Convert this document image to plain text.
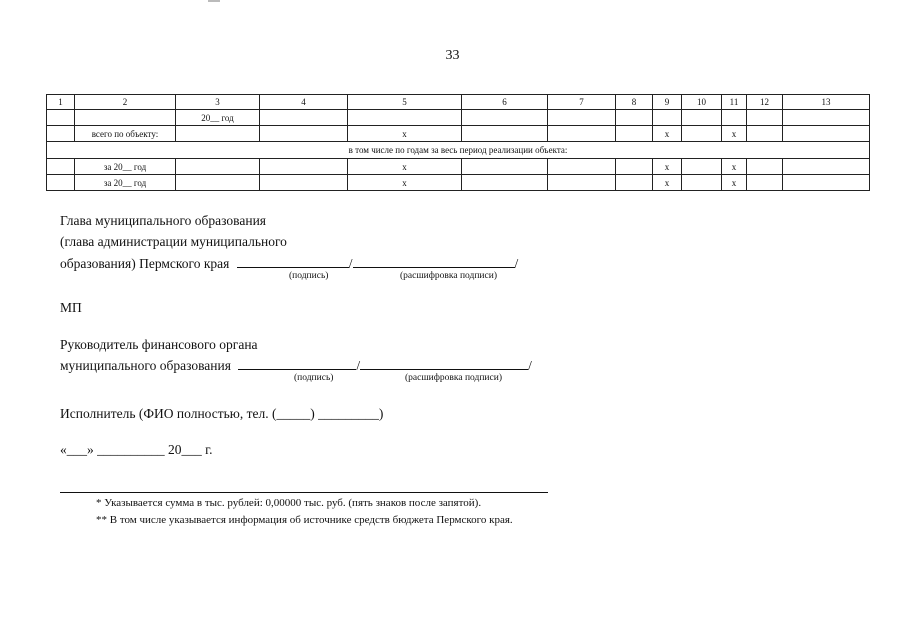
33
1	2	3	4	5	6	7	8	9	10	11	12	13
		20__ год										
	всего по объекту:			х				х		х		
в том числе по годам за весь период реализации объекта:												
	за 20__ год			х				х		х		
	за 20__ год			х				х		х		
Глава муниципального образования
(глава администрации муниципального
образования) Пермского края	/	/
(подпись)	(расшифровка подписи)
МП
Руководитель финансового органа
муниципального образования	/	/
(подпись)	(расшифровка подписи)
Исполнитель (ФИО полностью, тел. (_____) _________)
«___» __________ 20___ г.
* Указывается сумма в тыс. рублей: 0,00000 тыс. руб. (пять знаков после запятой).
** В том числе указывается информация об источнике средств бюджета Пермского края.
